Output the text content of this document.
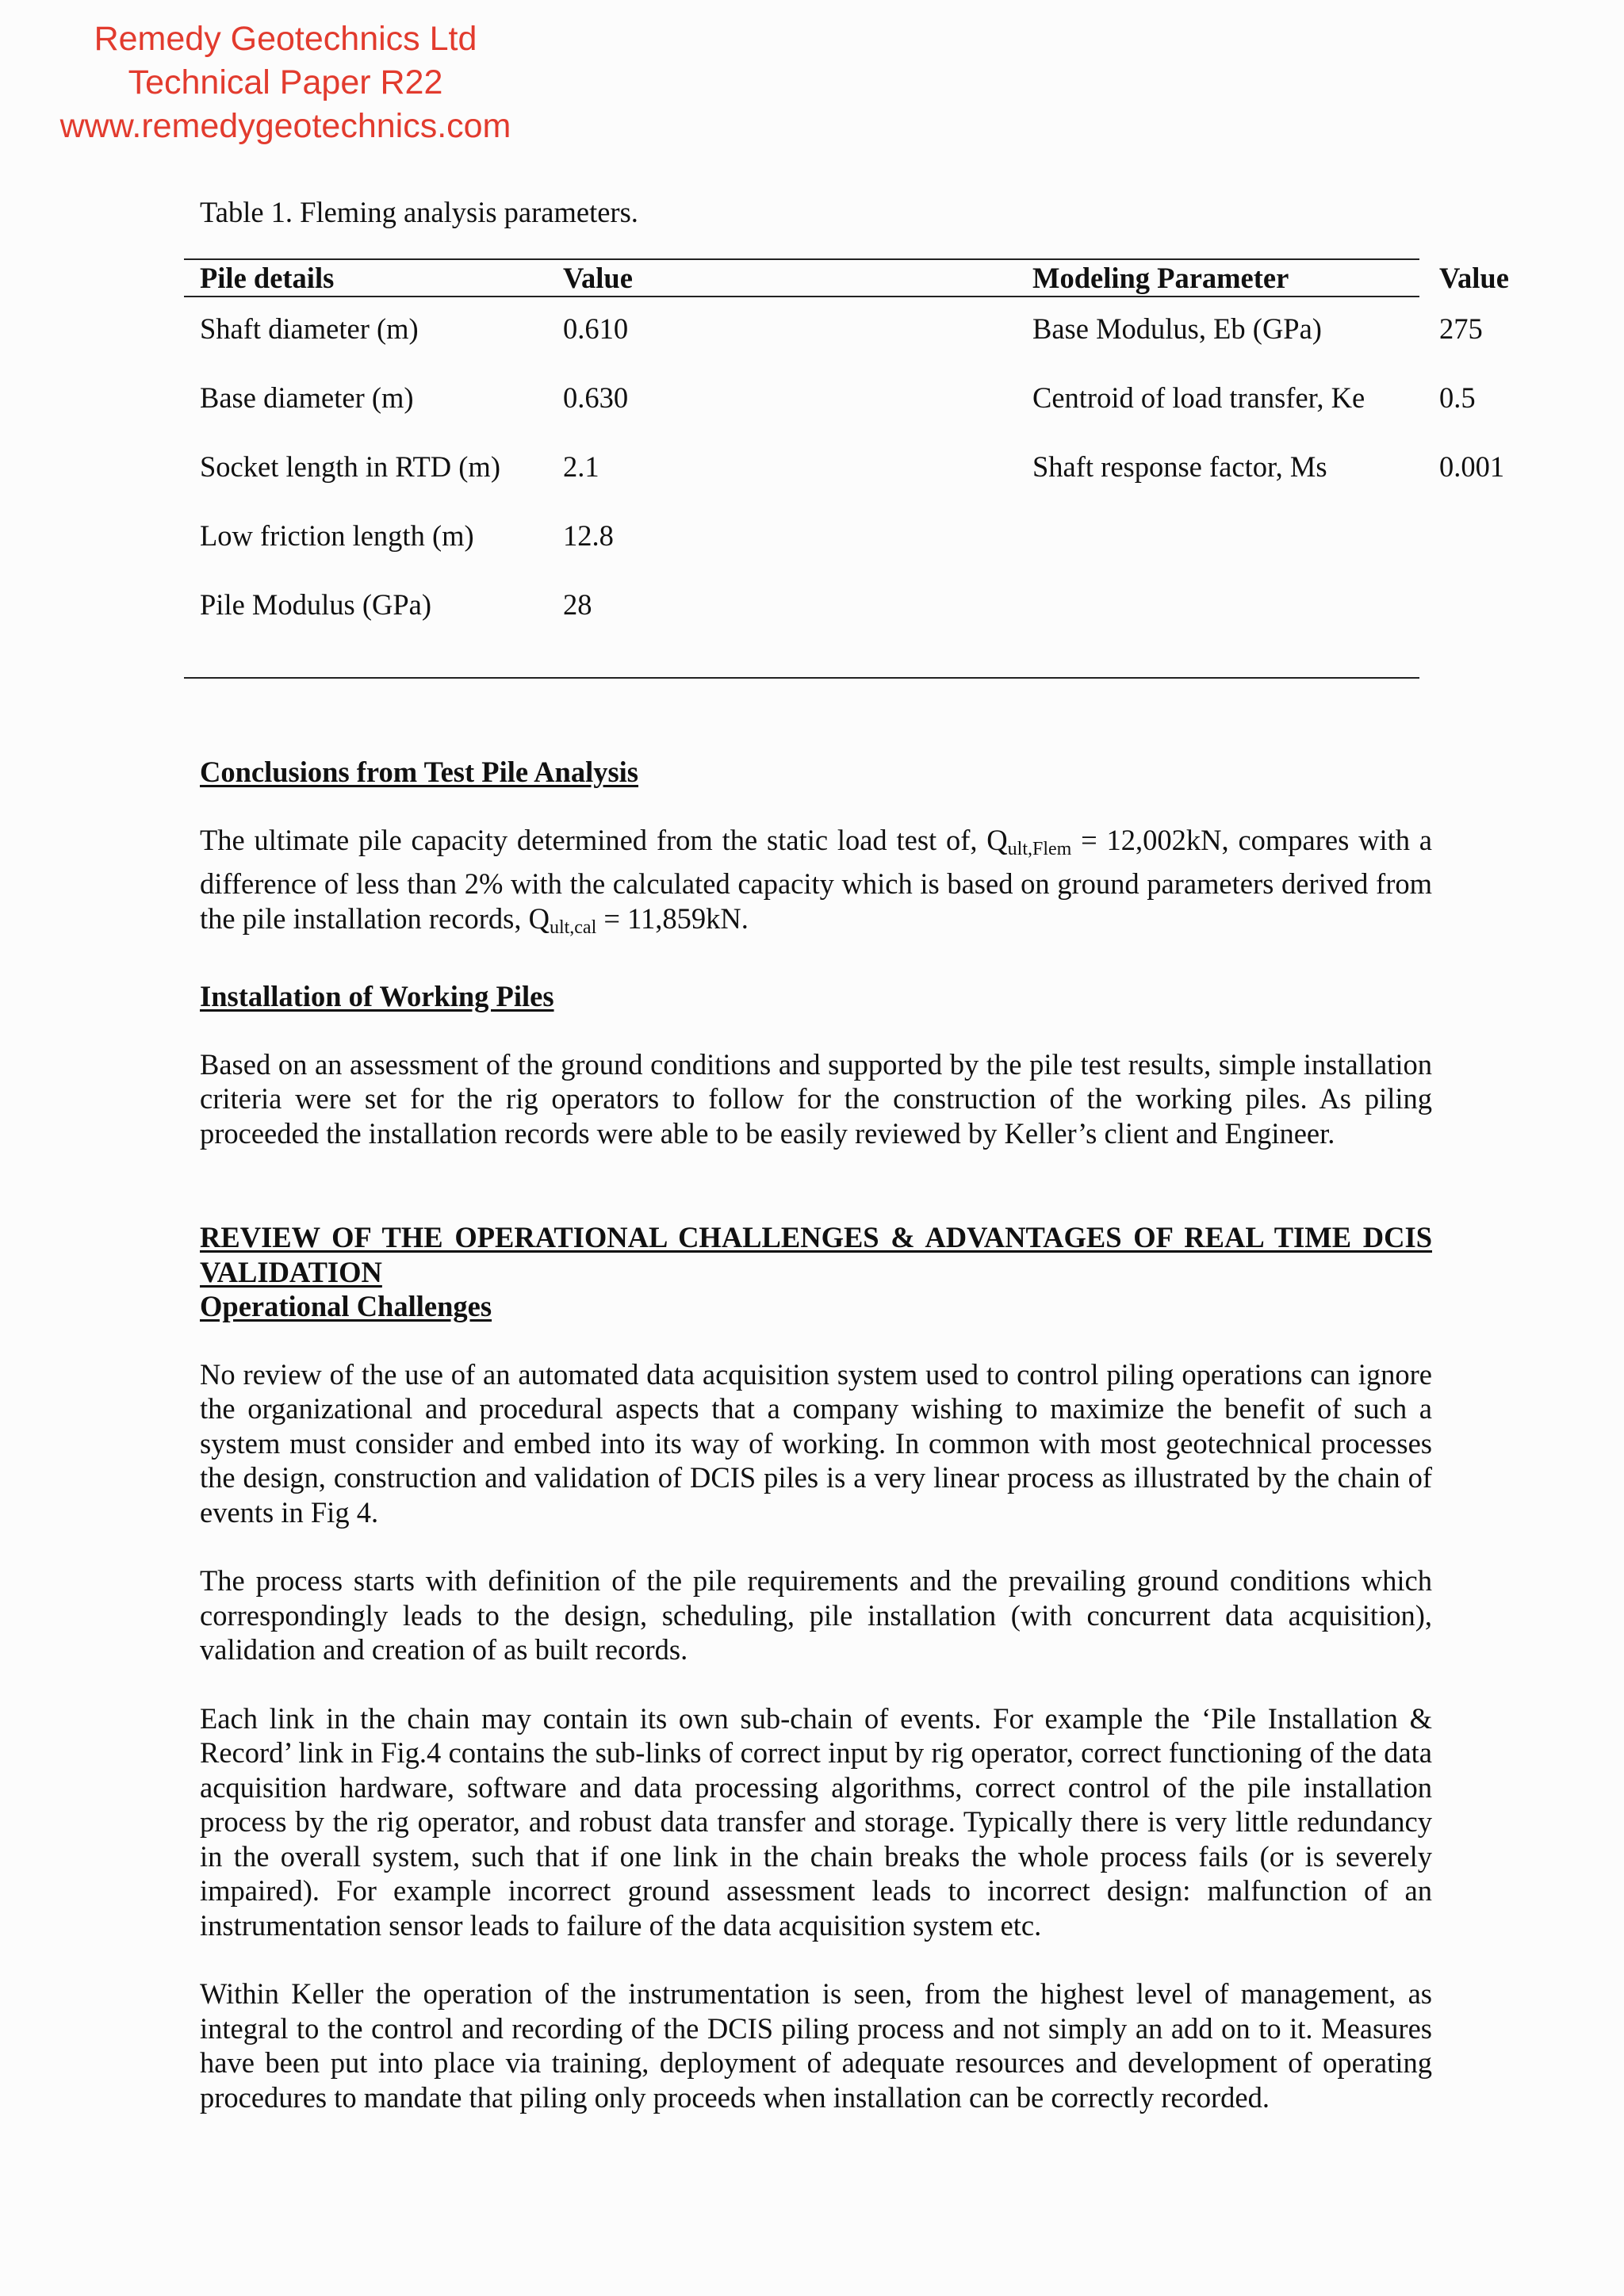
Remedy Geotechnics Ltd
Technical Paper R22
www.remedygeotechnics.com

Table 1. Fleming analysis parameters.

Pile details	Value	Modeling Parameter	Value
Shaft diameter (m)	0.610	Base Modulus, Eb (GPa)	275
Base diameter (m)	0.630	Centroid of load transfer, Ke	0.5
Socket length in RTD (m) 2.1	Shaft response factor, Ms	0.001
Low friction length (m)	12.8
Pile Modulus (GPa)	28
Conclusions from Test Pile Analysis

The ultimate pile capacity determined from the static load test of, $Q_{ult,Flem} = 12,002kN$, compares with a difference of less than 2% with the calculated capacity which is based on ground parameters derived from the pile installation records, $Q_{ult,cal} = 11,859kN$.

Installation of Working Piles

Based on an assessment of the ground conditions and supported by the pile test results, simple installation criteria were set for the rig operators to follow for the construction of the working piles. As piling proceeded the installation records were able to be easily reviewed by Keller’s client and Engineer.

REVIEW OF THE OPERATIONAL CHALLENGES & ADVANTAGES OF REAL TIME DCIS VALIDATION
Operational Challenges

No review of the use of an automated data acquisition system used to control piling operations can ignore the organizational and procedural aspects that a company wishing to maximize the benefit of such a system must consider and embed into its way of working. In common with most geotechnical processes the design, construction and validation of DCIS piles is a very linear process as illustrated by the chain of events in Fig 4.

The process starts with definition of the pile requirements and the prevailing ground conditions which correspondingly leads to the design, scheduling, pile installation (with concurrent data acquisition), validation and creation of as built records.

Each link in the chain may contain its own sub-chain of events. For example the ‘Pile Installation & Record’ link in Fig.4 contains the sub-links of correct input by rig operator, correct functioning of the data acquisition hardware, software and data processing algorithms, correct control of the pile installation process by the rig operator, and robust data transfer and storage. Typically there is very little redundancy in the overall system, such that if one link in the chain breaks the whole process fails (or is severely impaired). For example incorrect ground assessment leads to incorrect design: malfunction of an instrumentation sensor leads to failure of the data acquisition system etc.

Within Keller the operation of the instrumentation is seen, from the highest level of management, as integral to the control and recording of the DCIS piling process and not simply an add on to it. Measures have been put into place via training, deployment of adequate resources and development of operating procedures to mandate that piling only proceeds when installation can be correctly recorded.
